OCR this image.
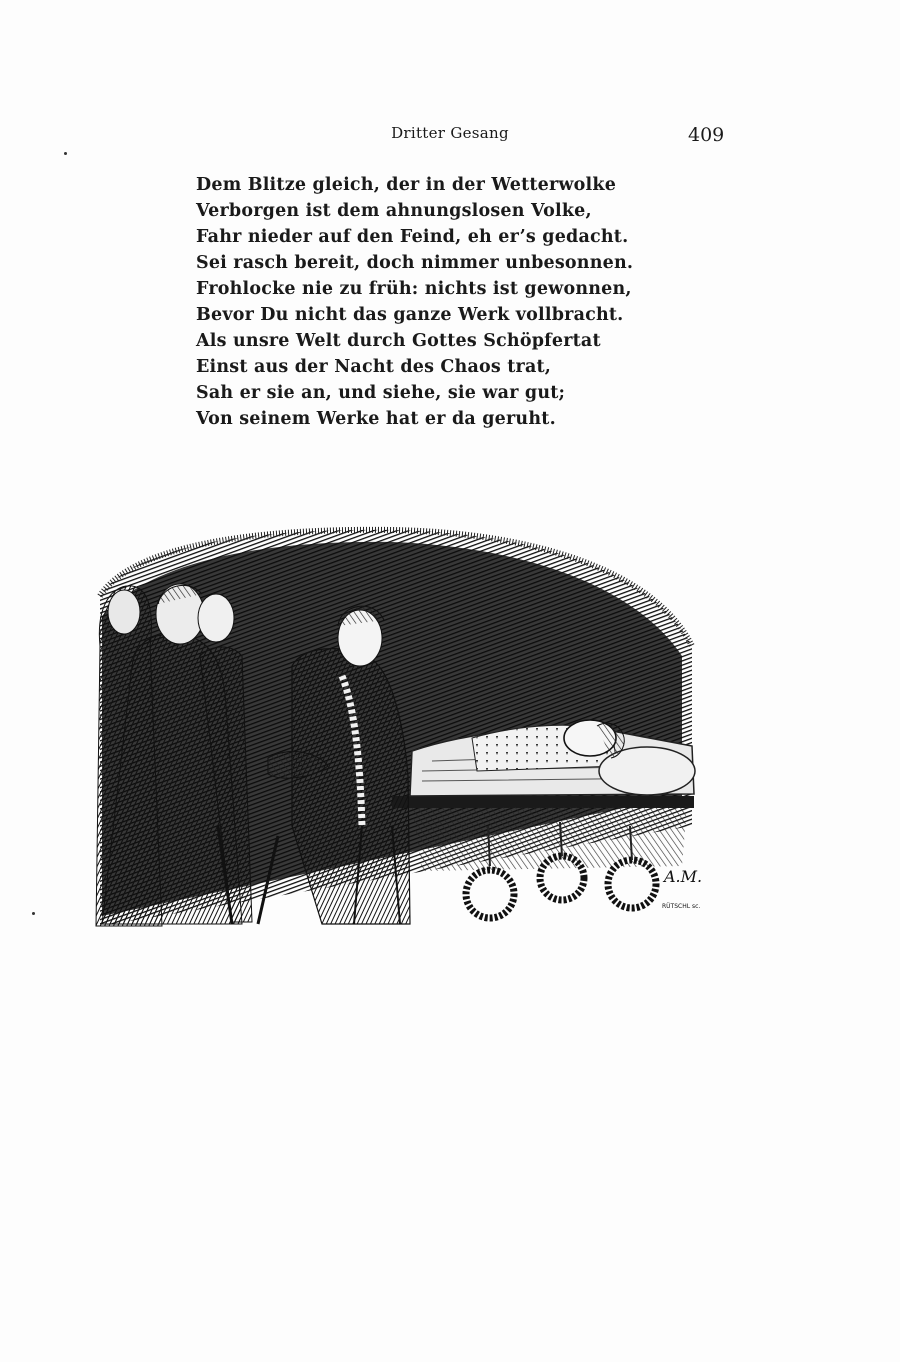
Dritter Gesang	409
Dem Blitze gleich, der in der Wetterwolke
Verborgen ist dem ahnungslosen Volke,
Fahr nieder auf den Feind, eh er’s gedacht.
Sei rasch bereit, doch nimmer unbesonnen.
Frohlocke nie zu früh: nichts ist gewonnen,
Bevor Du nicht das ganze Werk vollbracht.
Als unsre Welt durch Gottes Schöpfertat
Einst aus der Nacht des Chaos trat,
Sah er sie an, und siehe, sie war gut;
Von seinem Werke hat er da geruht.
A.M.
RÜTSCHL sc.
